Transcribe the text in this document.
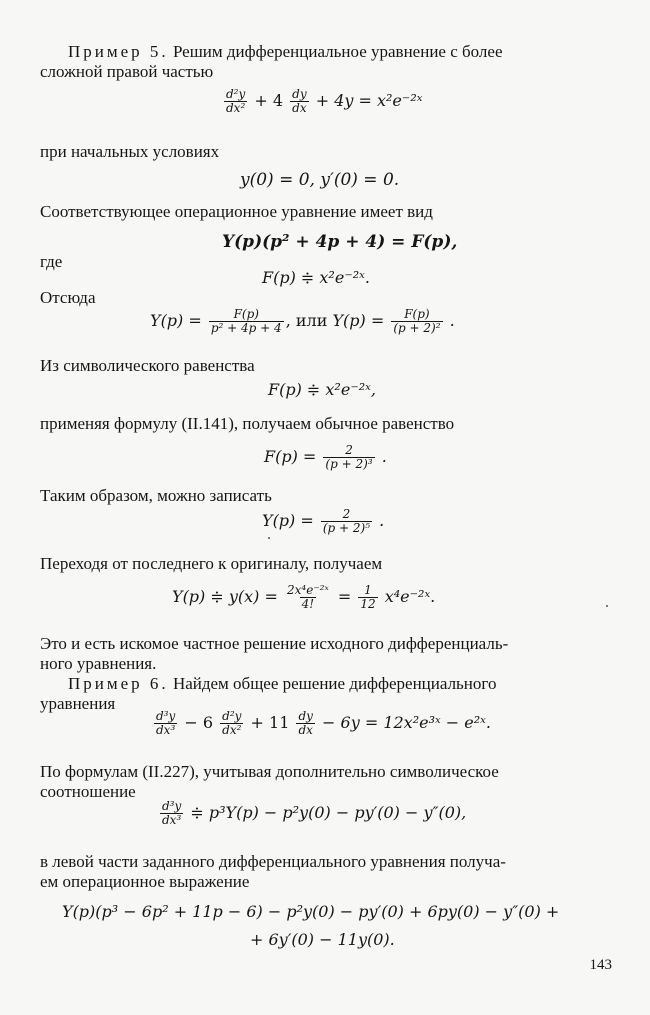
Пример 5. Решим дифференциальное уравнение с более
сложной правой частью
$\frac{\text{d²y}}{\text{dx²}} + 4 \frac{dy}{dx} + 4y$ = x²e⁻²ˣ
при начальных условиях
y(0) = 0, y′(0) = 0.
Соответствующее операционное уравнение имеет вид
Y(p)(p² + 4p + 4) = F(p),
где
F(p) ≑ x²e⁻²ˣ.
Отсюда
$Y(p) = \frac{F(p)}{\text{p² + 4p + 4}}$ , или $Y(p) = \frac{F(p)}{\text{(p + 2)²}}$ .
Из символического равенства
F(p) ≑ x²e⁻²ˣ,
применяя формулу (II.141), получаем обычное равенство
$F(p) = \frac{2}{\text{(p + 2)³}}$ .
Таким образом, можно записать
$Y(p) = \frac{2}{\text{(p + 2)⁵}}$ .
Переходя от последнего к оригиналу, получаем
Y(p) ≑ $y(x) = \frac{\text{2x⁴e⁻²ˣ}}{4!} = \frac{1}{12}$ x⁴e⁻²ˣ.
Это и есть искомое частное решение исходного дифференциаль-
ного уравнения.
Пример 6. Найдем общее решение дифференциального
уравнения
$\frac{\text{d³y}}{\text{dx³}} - 6 \frac{\text{d²y}}{\text{dx²}} + 11 \frac{dy}{dx} - 6y$ = 12x²e³ˣ − e²ˣ.
По формулам (II.227), учитывая дополнительно символическое
соотношение
$\frac{\text{d³y}}{\text{dx³}}$ ≑ p³Y(p) − p²y(0) − py′(0) − y″(0),
в левой части заданного дифференциального уравнения получа-
ем операционное выражение
Y(p)(p³ − 6p² + 11p − 6) − p²y(0) − py′(0) + 6py(0) − y″(0) +
+ 6y′(0) − 11y(0).
143
